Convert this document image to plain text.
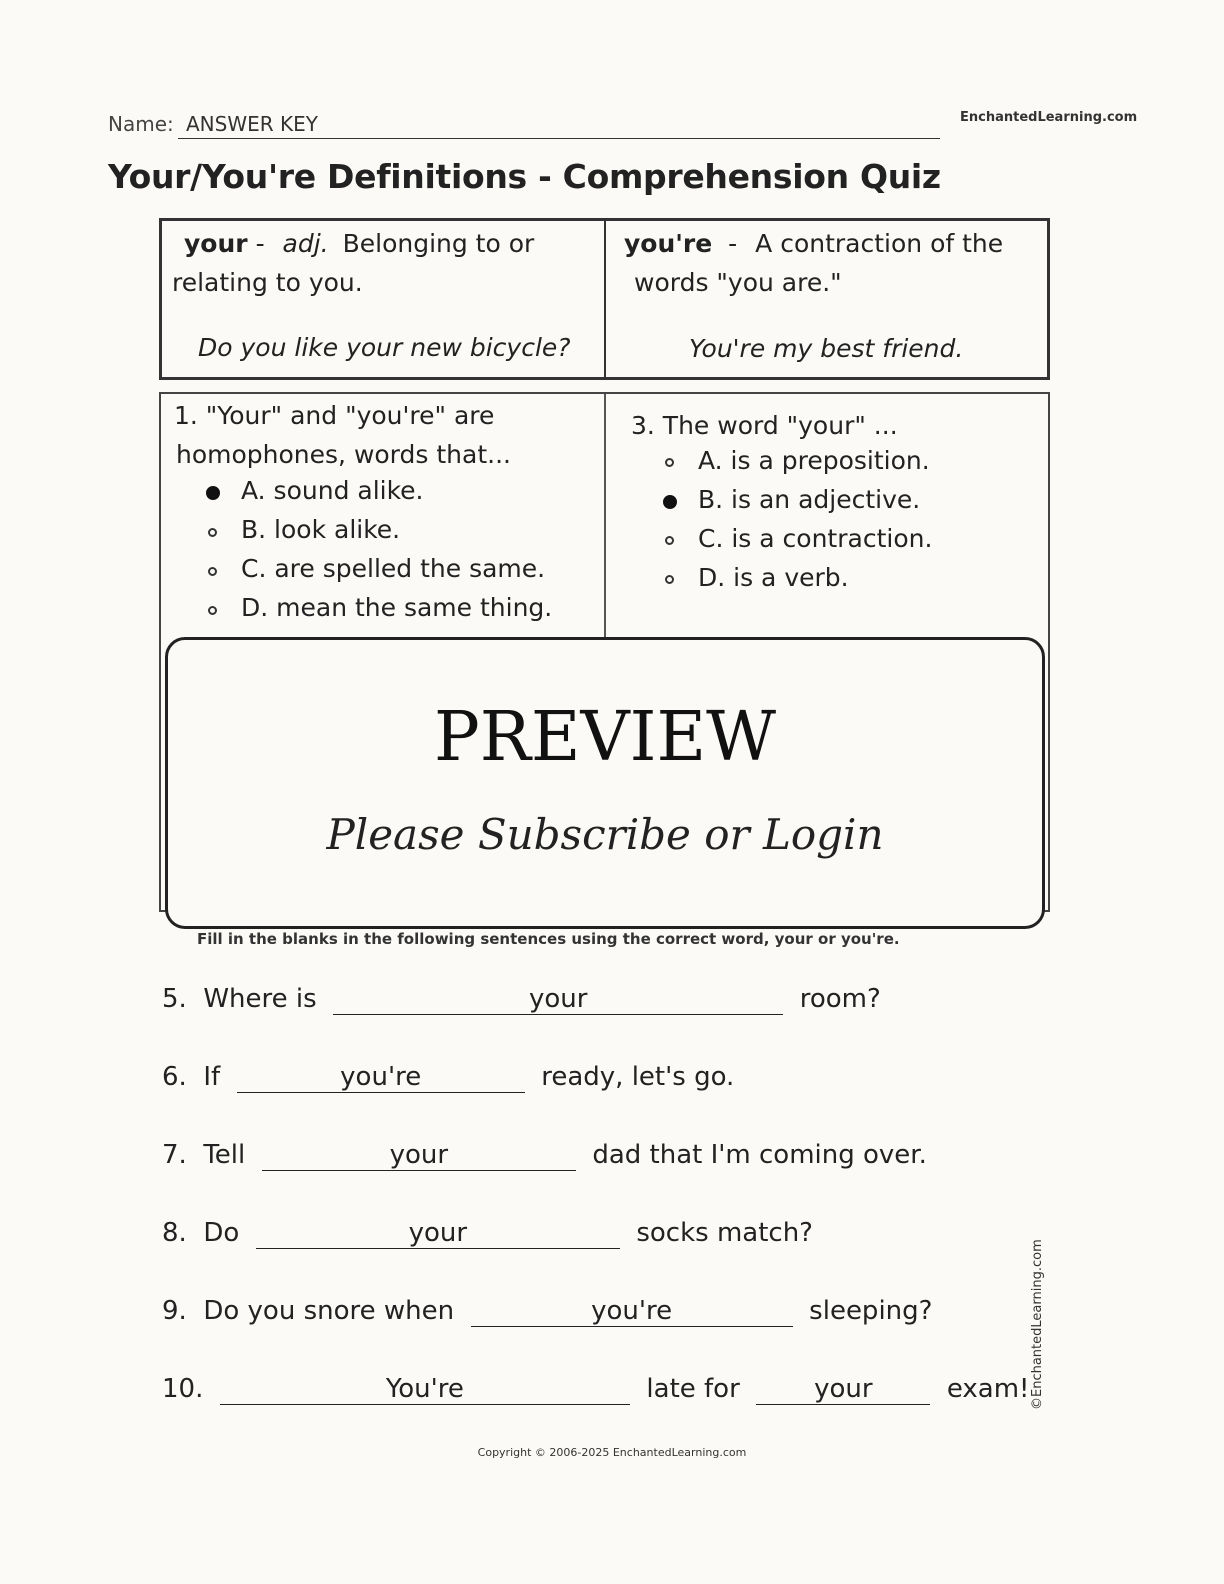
Name: ANSWER KEY	EnchantedLearning.com
Your/You're Definitions - Comprehension Quiz
your - adj. Belonging to or
relating to you.
Do you like your new bicycle?
you're - A contraction of the
words "you are."
You're my best friend.
1. "Your" and "you're" are
homophones, words that...
A. sound alike.
B. look alike.
C. are spelled the same.
D. mean the same thing.
3. The word "your" ...
A. is a preposition.
B. is an adjective.
C. is a contraction.
D. is a verb.
PREVIEW
Please Subscribe or Login
Fill in the blanks in the following sentences using the correct word, your or you're.
5. Where is	your	room?
6. If	you're	ready, let's go.
7. Tell	your	dad that I'm coming over.
8. Do	your	socks match?
9. Do you snore when	you're	sleeping?
10.	You're	late for	your	exam! ©EnchantedLearning.com
Copyright © 2006-2025 EnchantedLearning.com
